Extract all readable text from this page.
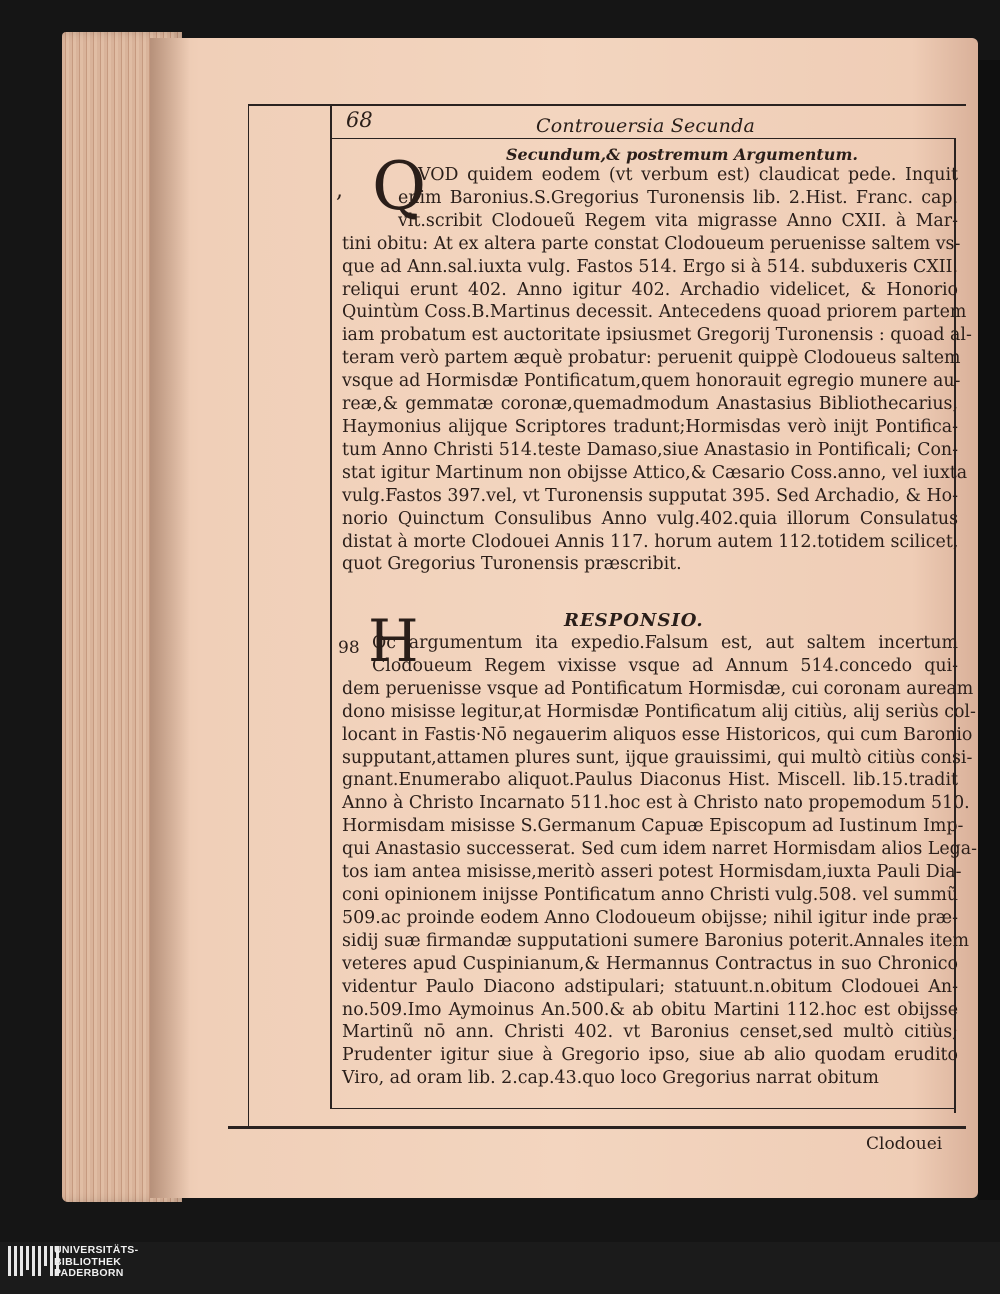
68	Controuersia Secunda
Secundum,& postremum Argumentum.
, Q
VOD quidem eodem (vt verbum est) claudicat pede. Inquit
enim Baronius.S.Gregorius Turonensis lib. 2.Hist. Franc. cap.
vlt.scribit Clodoueũ Regem vita migrasse Anno CXII. à Mar-
tini obitu: At ex altera parte constat Clodoueum peruenisse saltem vs-
que ad Ann.sal.iuxta vulg. Fastos 514. Ergo si à 514. subduxeris CXII.
reliqui erunt 402. Anno igitur 402. Archadio videlicet, & Honorio
Quintùm Coss.B.Martinus decessit. Antecedens quoad priorem partem
iam probatum est auctoritate ipsiusmet Gregorij Turonensis : quoad al-
teram verò partem æquè probatur: peruenit quippè Clodoueus saltem
vsque ad Hormisdæ Pontificatum,quem honorauit egregio munere au-
reæ,& gemmatæ coronæ,quemadmodum Anastasius Bibliothecarius,
Haymonius alijque Scriptores tradunt;Hormisdas verò inijt Pontifica-
tum Anno Christi 514.teste Damaso,siue Anastasio in Pontificali; Con-
stat igitur Martinum non obijsse Attico,& Cæsario Coss.anno, vel iuxta
vulg.Fastos 397.vel, vt Turonensis supputat 395. Sed Archadio, & Ho-
norio Quinctum Consulibus Anno vulg.402.quia illorum Consulatus
distat à morte Clodouei Annis 117. horum autem 112.totidem scilicet,
quot Gregorius Turonensis præscribit.
RESPONSIO.
98 H
Oc argumentum ita expedio.Falsum est, aut saltem incertum
Clodoueum Regem vixisse vsque ad Annum 514.concedo qui-
dem peruenisse vsque ad Pontificatum Hormisdæ, cui coronam auream
dono misisse legitur,at Hormisdæ Pontificatum alij citiùs, alij seriùs col-
locant in Fastis·Nō negauerim aliquos esse Historicos, qui cum Baronio
supputant,attamen plures sunt, ijque grauissimi, qui multò citiùs consi-
gnant.Enumerabo aliquot.Paulus Diaconus Hist. Miscell. lib.15.tradit
Anno à Christo Incarnato 511.hoc est à Christo nato propemodum 510.
Hormisdam misisse S.Germanum Capuæ Episcopum ad Iustinum Imp-
qui Anastasio successerat. Sed cum idem narret Hormisdam alios Lega-
tos iam antea misisse,meritò asseri potest Hormisdam,iuxta Pauli Dia-
coni opinionem inijsse Pontificatum anno Christi vulg.508. vel summũ
509.ac proinde eodem Anno Clodoueum obijsse; nihil igitur inde præ-
sidij suæ firmandæ supputationi sumere Baronius poterit.Annales item
veteres apud Cuspinianum,& Hermannus Contractus in suo Chronico
videntur Paulo Diacono adstipulari; statuunt.n.obitum Clodouei An-
no.509.Imo Aymoinus An.500.& ab obitu Martini 112.hoc est obijsse
Martinũ nō ann. Christi 402. vt Baronius censet,sed multò citiùs;
Prudenter igitur siue à Gregorio ipso, siue ab alio quodam erudito
Viro, ad oram lib. 2.cap.43.quo loco Gregorius narrat obitum
Clodouei
UNIVERSITÄTS-
BIBLIOTHEK
PADERBORN
